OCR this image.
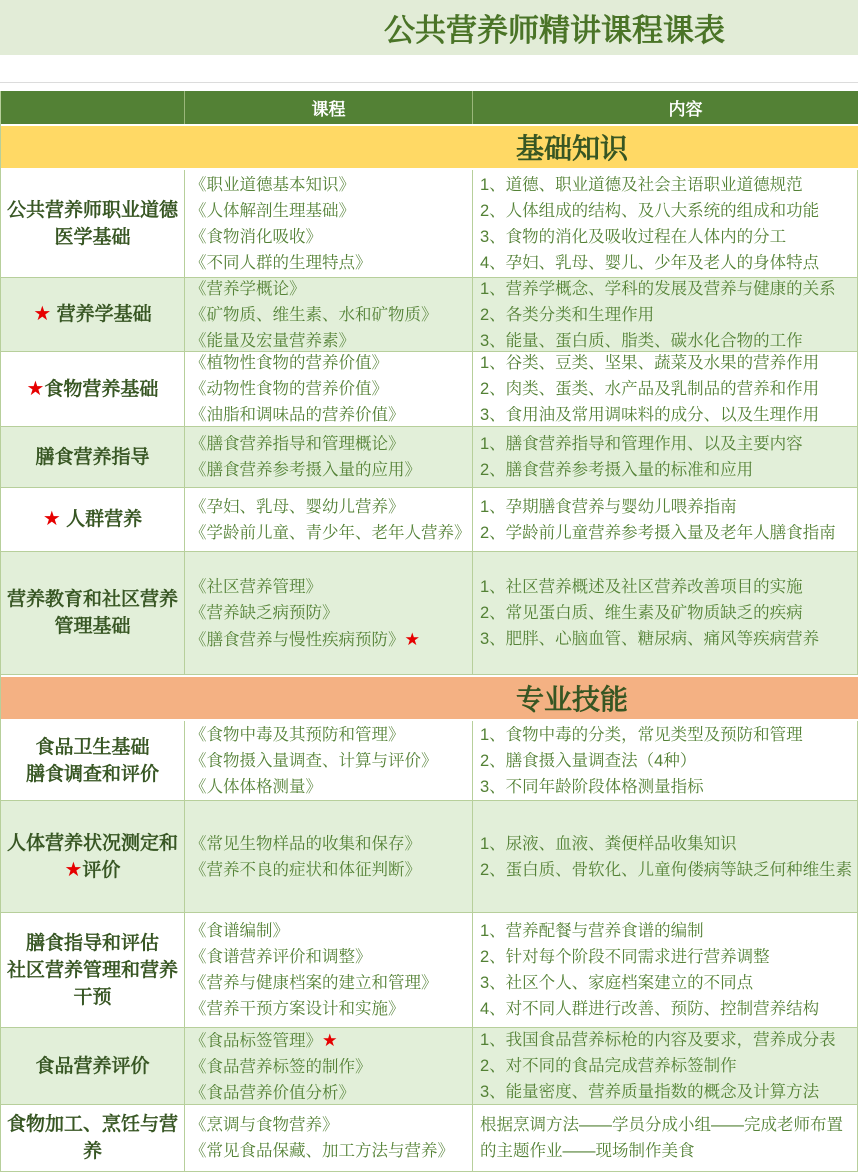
公共营养师精讲课程课表
课程	内容
基础知识
公共营养师职业道德
医学基础
《职业道德基本知识》
《人体解剖生理基础》
《食物消化吸收》
《不同人群的生理特点》
1、道德、职业道德及社会主语职业道德规范
2、人体组成的结构、及八大系统的组成和功能
3、食物的消化及吸收过程在人体内的分工
4、孕妇、乳母、婴儿、少年及老人的身体特点
★ 营养学基础
《营养学概论》
《矿物质、维生素、水和矿物质》
《能量及宏量营养素》
1、营养学概念、学科的发展及营养与健康的关系
2、各类分类和生理作用
3、能量、蛋白质、脂类、碳水化合物的工作
★食物营养基础
《植物性食物的营养价值》
《动物性食物的营养价值》
《油脂和调味品的营养价值》
1、谷类、豆类、坚果、蔬菜及水果的营养作用
2、肉类、蛋类、水产品及乳制品的营养和作用
3、食用油及常用调味料的成分、以及生理作用
膳食营养指导
《膳食营养指导和管理概论》
《膳食营养参考摄入量的应用》
1、膳食营养指导和管理作用、以及主要内容
2、膳食营养参考摄入量的标准和应用
★ 人群营养
《孕妇、乳母、婴幼儿营养》
《学龄前儿童、青少年、老年人营养》
1、孕期膳食营养与婴幼儿喂养指南
2、学龄前儿童营养参考摄入量及老年人膳食指南
营养教育和社区营养
管理基础
《社区营养管理》
《营养缺乏病预防》
《膳食营养与慢性疾病预防》★
1、社区营养概述及社区营养改善项目的实施
2、常见蛋白质、维生素及矿物质缺乏的疾病
3、肥胖、心脑血管、糖尿病、痛风等疾病营养
专业技能
食品卫生基础
膳食调查和评价
《食物中毒及其预防和管理》
《食物摄入量调查、计算与评价》
《人体体格测量》
1、食物中毒的分类，常见类型及预防和管理
2、膳食摄入量调查法（4种）
3、不同年龄阶段体格测量指标
人体营养状况测定和
★评价
《常见生物样品的收集和保存》
《营养不良的症状和体征判断》
1、尿液、血液、粪便样品收集知识
2、蛋白质、骨软化、儿童佝偻病等缺乏何种维生素
膳食指导和评估
社区营养管理和营养
干预
《食谱编制》
《食谱营养评价和调整》
《营养与健康档案的建立和管理》
《营养干预方案设计和实施》
1、营养配餐与营养食谱的编制
2、针对每个阶段不同需求进行营养调整
3、社区个人、家庭档案建立的不同点
4、对不同人群进行改善、预防、控制营养结构
食品营养评价
《食品标签管理》★
《食品营养标签的制作》
《食品营养价值分析》
1、我国食品营养标枪的内容及要求，营养成分表
2、对不同的食品完成营养标签制作
3、能量密度、营养质量指数的概念及计算方法
食物加工、烹饪与营
养
《烹调与食物营养》
《常见食品保藏、加工方法与营养》
根据烹调方法——学员分成小组——完成老师布置的主题作业——现场制作美食
